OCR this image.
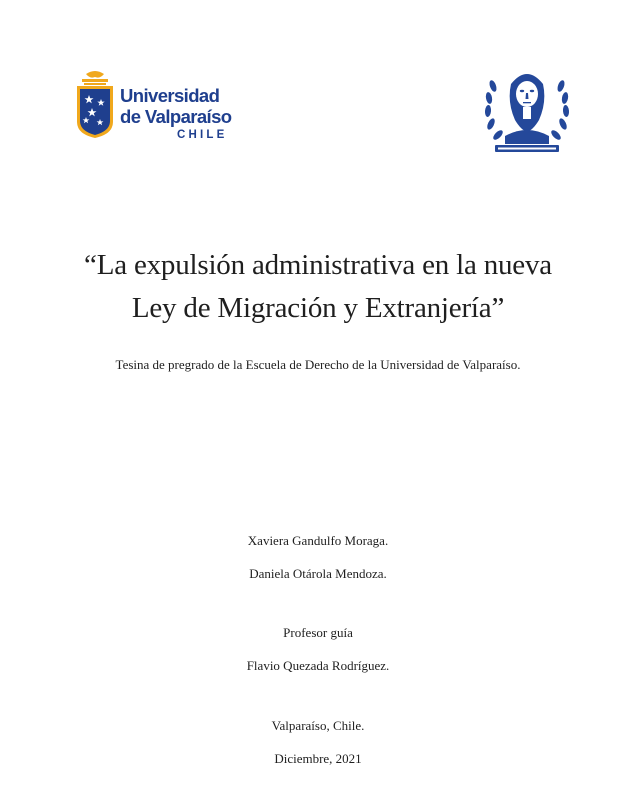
Universidad
de Valparaíso
CHILE
“La expulsión administrativa en la nueva
Ley de Migración y Extranjería”
Tesina de pregrado de la Escuela de Derecho de la Universidad de Valparaíso.
Xaviera Gandulfo Moraga.
Daniela Otárola Mendoza.
Profesor guía
Flavio Quezada Rodríguez.
Valparaíso, Chile.
Diciembre, 2021
